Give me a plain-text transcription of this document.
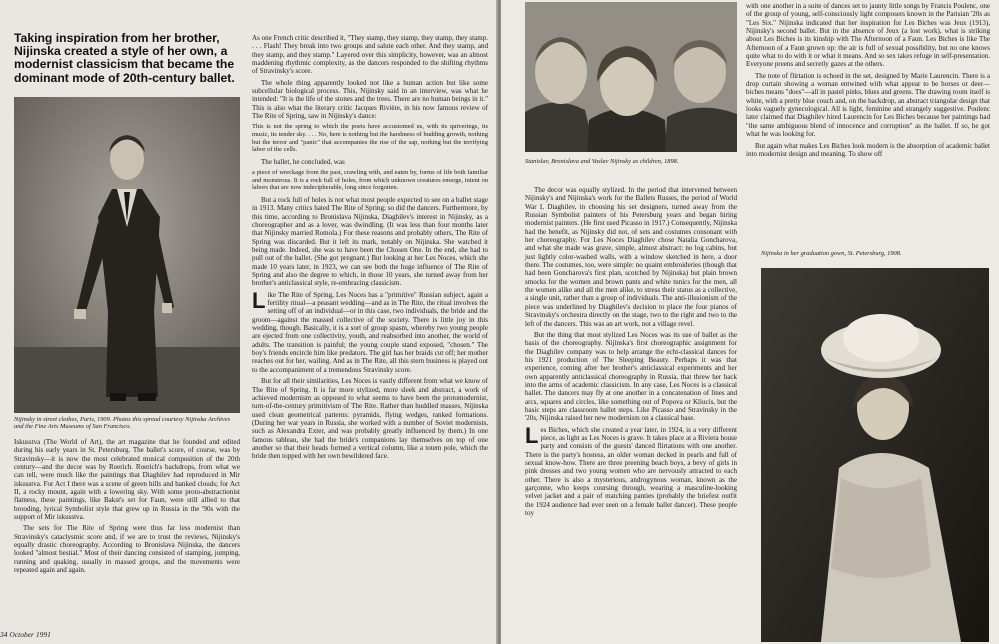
Taking inspiration from her brother, Nijinska created a style of her own, a modernist classicism that became the dominant mode of 20th-century ballet.
Nijinsky in street clothes, Paris, 1909. Photos this spread courtesy Nijinska Archives and the Fine Arts Museums of San Francisco.

Iskusstva (The World of Art), the art magazine that he founded and edited during his early years in St. Petersburg. The ballet's score, of course, was by Stravinsky—it is now the most celebrated musical composition of the 20th century—and the decor was by Roerich. Roerich's backdrops, from what we can tell, were much like the paintings that Diaghilev had reproduced in Mir iskusstva. For Act I there was a scene of green hills and banked clouds; for Act II, a rocky mount, again with a lowering sky. With some proto-abstractionist flatness, these paintings, like Bakst's set for Faun, were still allied to that brooding, lyrical Symbolist style that grew up in Russia in the '90s with the support of Mir iskusstva.

The sets for The Rite of Spring were thus far less modernist than Stravinsky's cataclysmic score and, if we are to trust the reviews, Nijinsky's equally drastic choreography. According to Bronislava Nijinska, the dancers looked "almost bestial." Most of their dancing consisted of stamping, jumping, running and quaking, usually in massed groups, and the movements were repeated again and again.

As one French critic described it, "They stamp, they stamp, they stamp, they stamp. . . . Flash! They break into two groups and salute each other. And they stamp, and they stamp, and they stamp." Layered over this simplicity, however, was an almost maddening rhythmic complexity, as the dancers responded to the shifting rhythms of Stravinsky's score.

The whole thing apparently looked not like a human action but like some subcellular biological process. This, Nijinsky said in an interview, was what he intended: "It is the life of the stones and the trees. There are no human beings in it." This is also what the literary critic Jacques Rivière, in his now famous review of The Rite of Spring, saw in Nijinsky's dance:

This is not the spring to which the poets have accustomed us, with its quiverings, its music, its tender sky. . . . No, here is nothing but the harshness of budding growth, nothing but the terror and "panic" that accompanies the rise of the sap, nothing but the terrifying labor of the cells.

The ballet, he concluded, was

a piece of wreckage from the past, crawling with, and eaten by, forms of life both familiar and monstrous. It is a rock full of holes, from which unknown creatures emerge, intent on labors that are now indecipherable, long since forgotten.

But a rock full of holes is not what most people expected to see on a ballet stage in 1913. Many critics hated The Rite of Spring; so did the dancers. Furthermore, by this time, according to Bronislava Nijinska, Diaghilev's interest in Nijinsky, as a choreographer and as a lover, was dwindling. (It was less than four months later that Nijinsky married Romola.) For these reasons and probably others, The Rite of Spring was discarded. But it left its mark, notably on Nijinska. She watched it being made. Indeed, she was to have been the Chosen One. In the end, she had to pull out of the ballet. (She got pregnant.) But looking at her Les Noces, which she made 10 years later, in 1923, we can see both the huge influence of The Rite of Spring and also the degree to which, in those 10 years, she turned away from her brother's anticlassical style, re-embracing classicism.

Like The Rite of Spring, Les Noces has a "primitive" Russian subject, again a fertility ritual—a peasant wedding—and as in The Rite, the ritual involves the setting off of an individual—or in this case, two individuals, the bride and the groom—against the massed collective of the society. There is little joy in this wedding, though. Basically, it is a sort of group spasm, whereby two young people are ejected from one collectivity, youth, and reabsorbed into another, the world of adults. The transition is painful; the young couple stand exposed, "chosen." The boy's friends encircle him like predators. The girl has her braids cut off; her mother reaches out for her, wailing. And as in The Rite, all this stern business is played out to the accompaniment of a tremendous Stravinsky score.

But for all their similarities, Les Noces is vastly different from what we know of The Rite of Spring. It is far more stylized, more sleek and abstract, a work of achieved modernism as opposed to what seems to have been the protomodernist, turn-of-the-century primitivism of The Rite. Rather than huddled masses, Nijinska used clean geometrical patterns: pyramids, flying wedges, ranked formations. (During her war years in Russia, she worked with a number of Soviet modernists, such as Alexandra Exter, and was probably greatly influenced by them.) In one famous tableau, she had the bride's companions lay themselves on top of one another so that their heads formed a vertical column, like a totem pole, which the bride then topped with her own bewildered face.

34 October 1991
Stanislav, Bronislava and Vaslav Nijinsky as children, 1898.

The decor was equally stylized. In the period that intervened between Nijinsky's and Nijinska's work for the Ballets Russes, the period of World War I, Diaghilev, in choosing his set designers, turned away from the Russian Symbolist painters of his Petersburg years and began hiring modernist painters. (He first used Picasso in 1917.) Consequently, Nijinska had the benefit, as Nijinsky did not, of sets and costumes consonant with her choreography. For Les Noces Diaghilev chose Natalia Goncharova, and what she made was grave, simple, almost abstract: no log cabins, but just lightly color-washed walls, with a window sketched in here, a door there. The costumes, too, were simple: no quaint embroideries (though that had been Goncharova's first plan, scotched by Nijinska) but plain brown smocks for the women and brown pants and white tunics for the men, all the women alike and all the men alike, to stress their status as a collective, a single unit, rather than a group of individuals. The anti-illusionism of the piece was underlined by Diaghilev's decision to place the four pianos of Stravinsky's orchestra directly on the stage, two to the right and two to the left of the dancers. This was an art work, not a village revel.

But the thing that most stylized Les Noces was its use of ballet as the basis of the choreography. Nijinska's first choreographic assignment for the Diaghilev company was to help arrange the echt-classical dances for his 1921 production of The Sleeping Beauty. Perhaps it was that experience, coming after her brother's anticlassical experiments and her own apparently anticlassical choreography in Russia, that threw her back into the arms of academic classicism. In any case, Les Noces is a classical ballet. The dancers may fly at one another in a concatenation of lines and arcs, squares and circles, like something out of Popova or Kliucis, but the basic steps are classroom ballet steps. Like Picasso and Stravinsky in the '20s, Nijinska raised her new modernism on a classical base.

Les Biches, which she created a year later, in 1924, is a very different piece, as light as Les Noces is grave. It takes place at a Riviera house party and consists of the guests' danced flirtations with one another. There is the party's hostess, an older woman decked in pearls and full of sexual know-how. There are three preening beach boys, a bevy of girls in pink dresses and two young women who are nervously attracted to each other. There is also a mysterious, androgynous woman, known as the garçonne, who keeps coursing through, wearing a masculine-looking velvet jacket and a pair of matching panties (probably the briefest outfit the 1924 audience had ever seen on a female ballet dancer). These people toy

with one another in a suite of dances set to jaunty little songs by Francis Poulenc, one of the group of young, self-consciously light composers known in the Parisian '20s as "Les Six." Nijinska indicated that her inspiration for Les Biches was Jeux (1913), Nijinsky's second ballet. But in the absence of Jeux (a lost work), what is striking about Les Biches is its kinship with The Afternoon of a Faun. Les Biches is like The Afternoon of a Faun grown up: the air is full of sexual possibility, but no one knows quite what to do with it or what it means. And so sex takes refuge in self-presentation. Everyone preens and secretly gazes at the others.

The note of flirtation is echoed in the set, designed by Marie Laurencin. There is a drop curtain showing a woman entwined with what appear to be horses or deer—biches means "does"—all in pastel pinks, blues and greens. The drawing room itself is white, with a pretty blue couch and, on the backdrop, an abstract triangular design that looks vaguely gynecological. All is light, feminine and strangely suggestive. Poulenc later claimed that Diaghilev hired Laurencin for Les Biches because her paintings had "the same ambiguous blend of innocence and corruption" as the ballet. If so, he got what he was looking for.

But again what makes Les Biches look modern is the absorption of academic ballet into modernist design and meaning. To show off

Nijinska in her graduation gown, St. Petersburg, 1908.
